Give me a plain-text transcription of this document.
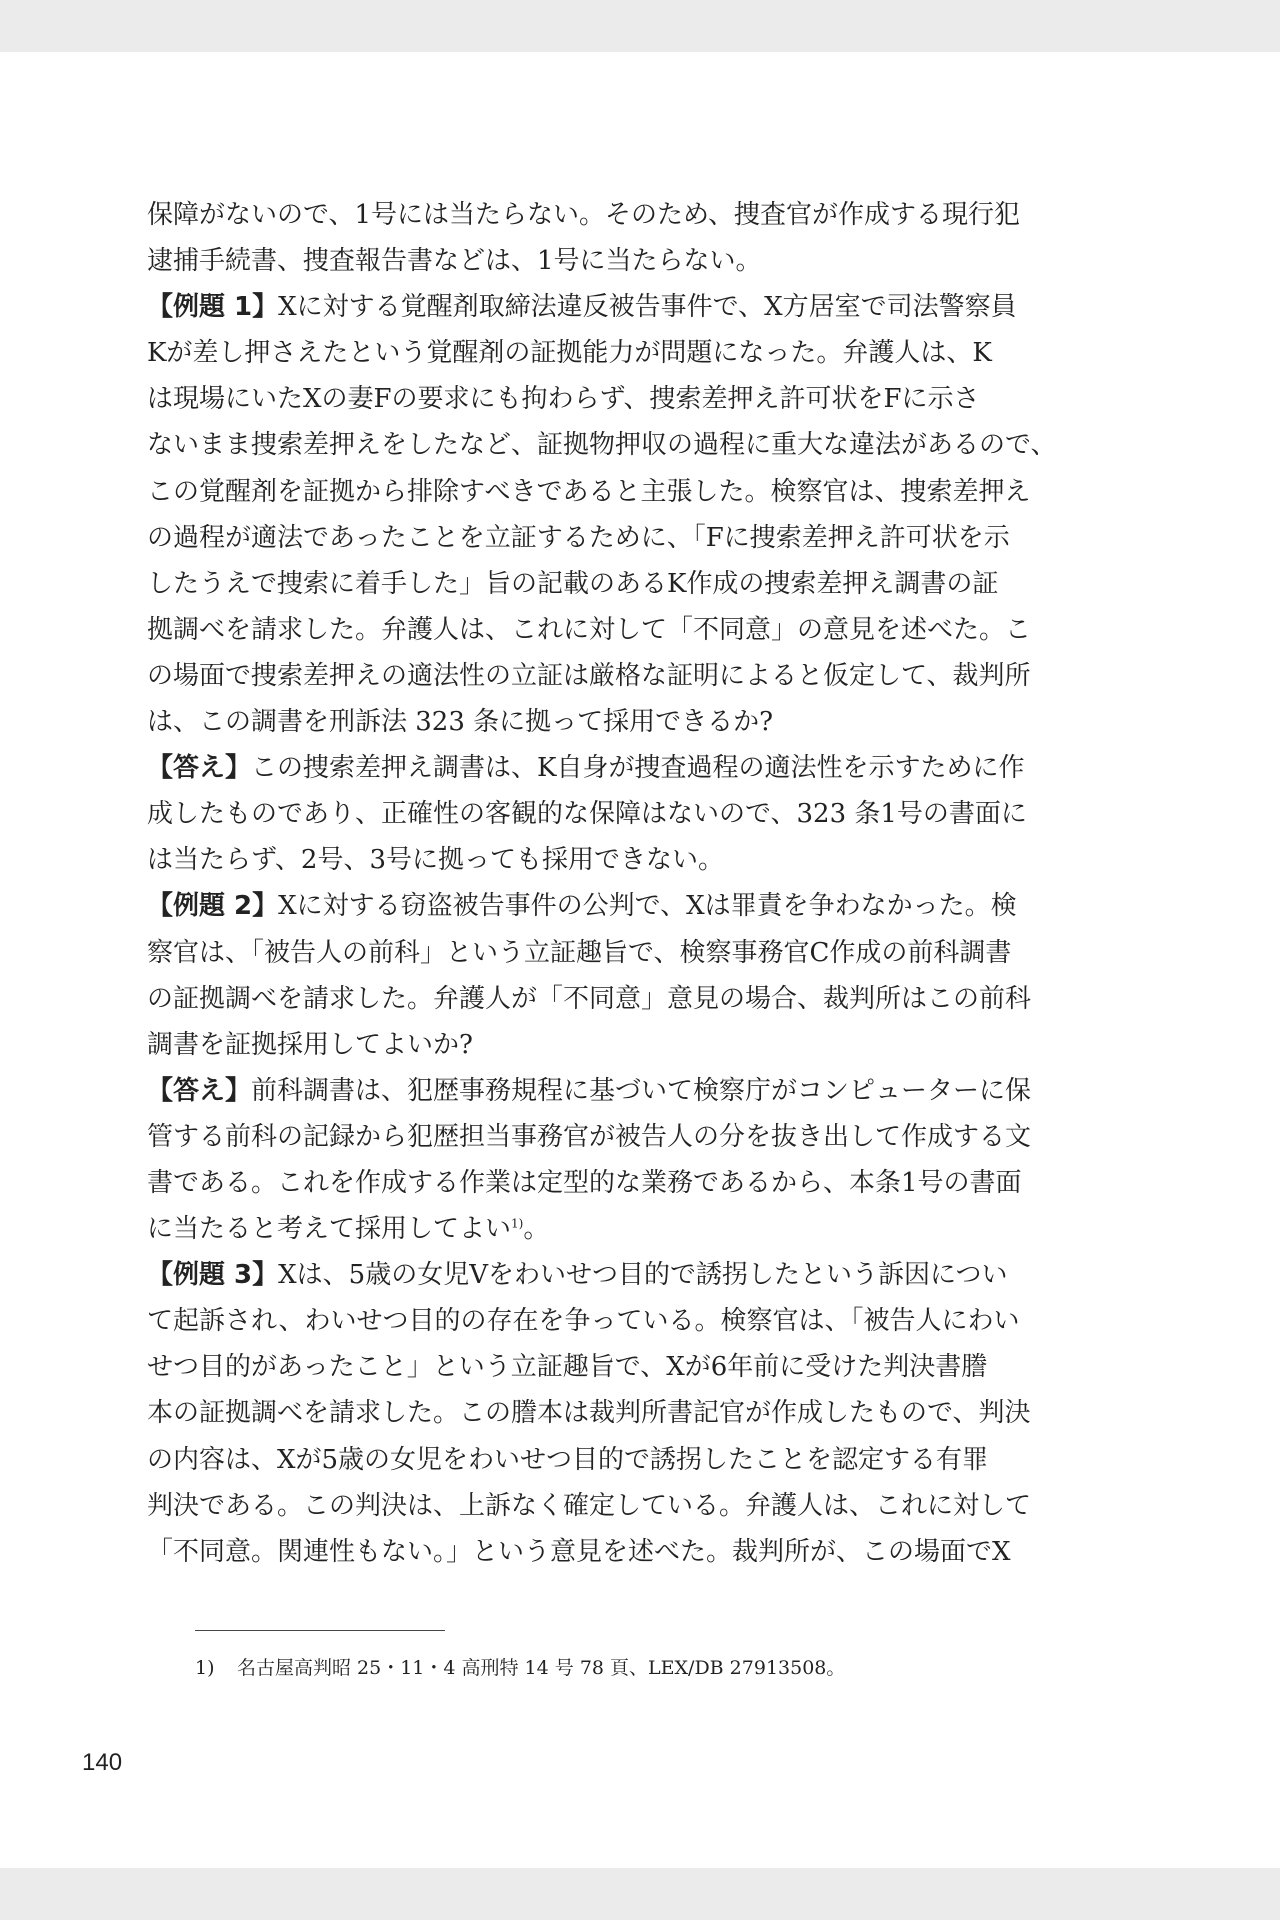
保障がないので、1号には当たらない。そのため、捜査官が作成する現行犯
逮捕手続書、捜査報告書などは、1号に当たらない。
【例題 1】Xに対する覚醒剤取締法違反被告事件で、X方居室で司法警察員
Kが差し押さえたという覚醒剤の証拠能力が問題になった。弁護人は、K
は現場にいたXの妻Fの要求にも拘わらず、捜索差押え許可状をFに示さ
ないまま捜索差押えをしたなど、証拠物押収の過程に重大な違法があるので、
この覚醒剤を証拠から排除すべきであると主張した。検察官は、捜索差押え
の過程が適法であったことを立証するために、「Fに捜索差押え許可状を示
したうえで捜索に着手した」旨の記載のあるK作成の捜索差押え調書の証
拠調べを請求した。弁護人は、これに対して「不同意」の意見を述べた。こ
の場面で捜索差押えの適法性の立証は厳格な証明によると仮定して、裁判所
は、この調書を刑訴法 323 条に拠って採用できるか?
【答え】この捜索差押え調書は、K自身が捜査過程の適法性を示すために作
成したものであり、正確性の客観的な保障はないので、323 条1号の書面に
は当たらず、2号、3号に拠っても採用できない。
【例題 2】Xに対する窃盗被告事件の公判で、Xは罪責を争わなかった。検
察官は、「被告人の前科」という立証趣旨で、検察事務官C作成の前科調書
の証拠調べを請求した。弁護人が「不同意」意見の場合、裁判所はこの前科
調書を証拠採用してよいか?
【答え】前科調書は、犯歴事務規程に基づいて検察庁がコンピューターに保
管する前科の記録から犯歴担当事務官が被告人の分を抜き出して作成する文
書である。これを作成する作業は定型的な業務であるから、本条1号の書面
に当たると考えて採用してよい$^{1)}$。
【例題 3】Xは、5歳の女児Vをわいせつ目的で誘拐したという訴因につい
て起訴され、わいせつ目的の存在を争っている。検察官は、「被告人にわい
せつ目的があったこと」という立証趣旨で、Xが6年前に受けた判決書謄
本の証拠調べを請求した。この謄本は裁判所書記官が作成したもので、判決
の内容は、Xが5歳の女児をわいせつ目的で誘拐したことを認定する有罪
判決である。この判決は、上訴なく確定している。弁護人は、これに対して
「不同意。関連性もない。」という意見を述べた。裁判所が、この場面でX
1) 名古屋高判昭 25・11・4 高刑特 14 号 78 頁、LEX/DB 27913508。
140
